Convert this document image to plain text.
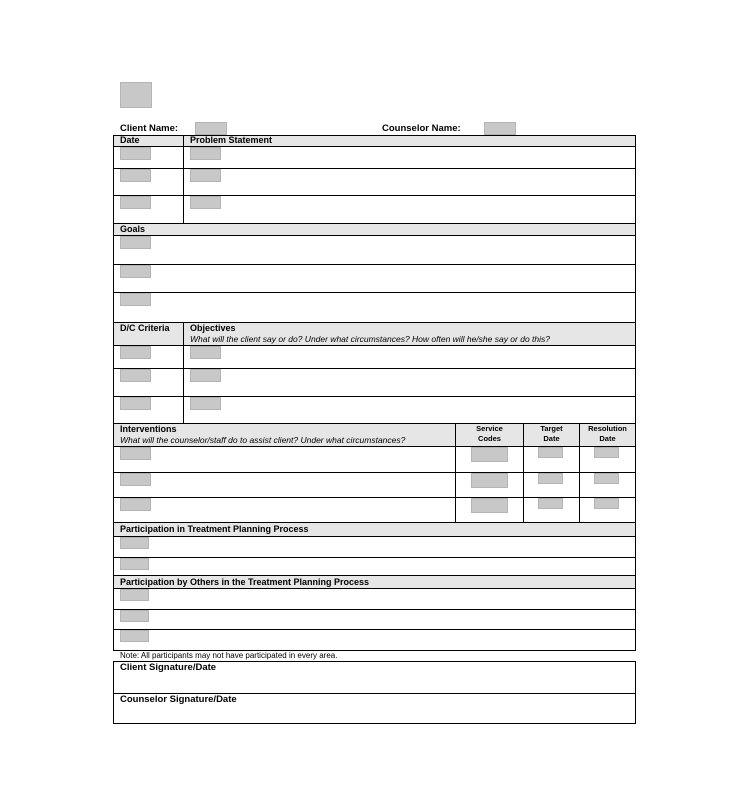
Client Name:	Counselor Name:
Date	Problem Statement
Goals
D/C Criteria Objectives
What will the client say or do? Under what circumstances? How often will he/she say or do this?
Interventions
What will the counselor/staff do to assist client? Under what circumstances?
Service
Codes
Target
Date
Resolution
Date
Participation in Treatment Planning Process
Participation by Others in the Treatment Planning Process
Note: All participants may not have participated in every area.
Client Signature/Date
Counselor Signature/Date
